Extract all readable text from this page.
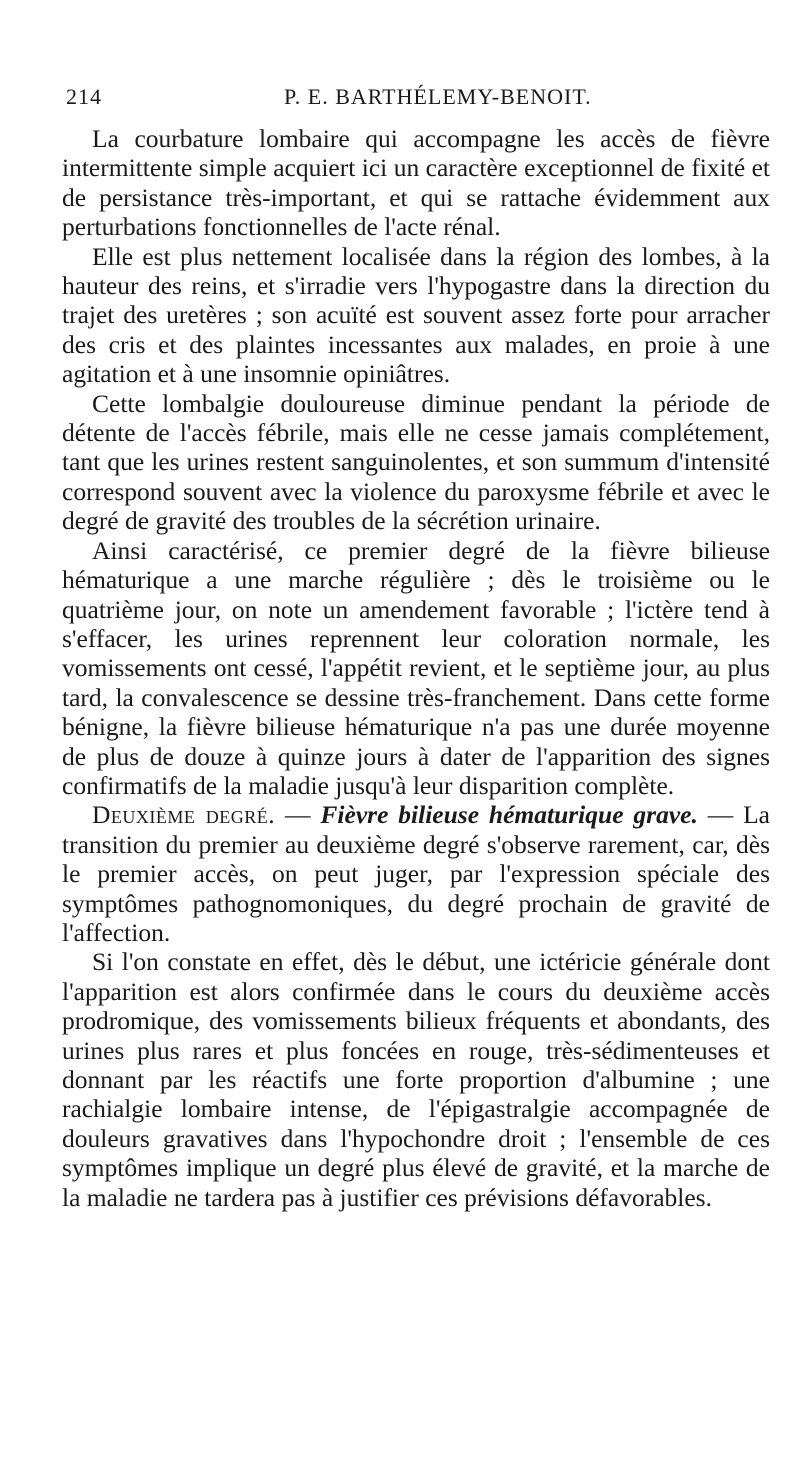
214	P. E. BARTHÉLEMY-BENOIT.

La courbature lombaire qui accompagne les accès de fièvre intermittente simple acquiert ici un caractère exceptionnel de fixité et de persistance très-important, et qui se rattache évidemment aux perturbations fonctionnelles de l'acte rénal.

Elle est plus nettement localisée dans la région des lombes, à la hauteur des reins, et s'irradie vers l'hypogastre dans la direction du trajet des uretères ; son acuïté est souvent assez forte pour arracher des cris et des plaintes incessantes aux malades, en proie à une agitation et à une insomnie opiniâtres.

Cette lombalgie douloureuse diminue pendant la période de détente de l'accès fébrile, mais elle ne cesse jamais complétement, tant que les urines restent sanguinolentes, et son summum d'intensité correspond souvent avec la violence du paroxysme fébrile et avec le degré de gravité des troubles de la sécrétion urinaire.

Ainsi caractérisé, ce premier degré de la fièvre bilieuse hématurique a une marche régulière ; dès le troisième ou le quatrième jour, on note un amendement favorable ; l'ictère tend à s'effacer, les urines reprennent leur coloration normale, les vomissements ont cessé, l'appétit revient, et le septième jour, au plus tard, la convalescence se dessine très-franchement. Dans cette forme bénigne, la fièvre bilieuse hématurique n'a pas une durée moyenne de plus de douze à quinze jours à dater de l'apparition des signes confirmatifs de la maladie jusqu'à leur disparition complète.

Deuxième degré. — Fièvre bilieuse hématurique grave. — La transition du premier au deuxième degré s'observe rarement, car, dès le premier accès, on peut juger, par l'expression spéciale des symptômes pathognomoniques, du degré prochain de gravité de l'affection.

Si l'on constate en effet, dès le début, une ictéricie générale dont l'apparition est alors confirmée dans le cours du deuxième accès prodromique, des vomissements bilieux fréquents et abondants, des urines plus rares et plus foncées en rouge, très-sédimenteuses et donnant par les réactifs une forte proportion d'albumine ; une rachialgie lombaire intense, de l'épigastralgie accompagnée de douleurs gravatives dans l'hypochondre droit ; l'ensemble de ces symptômes implique un degré plus élevé de gravité, et la marche de la maladie ne tardera pas à justifier ces prévisions défavorables.
